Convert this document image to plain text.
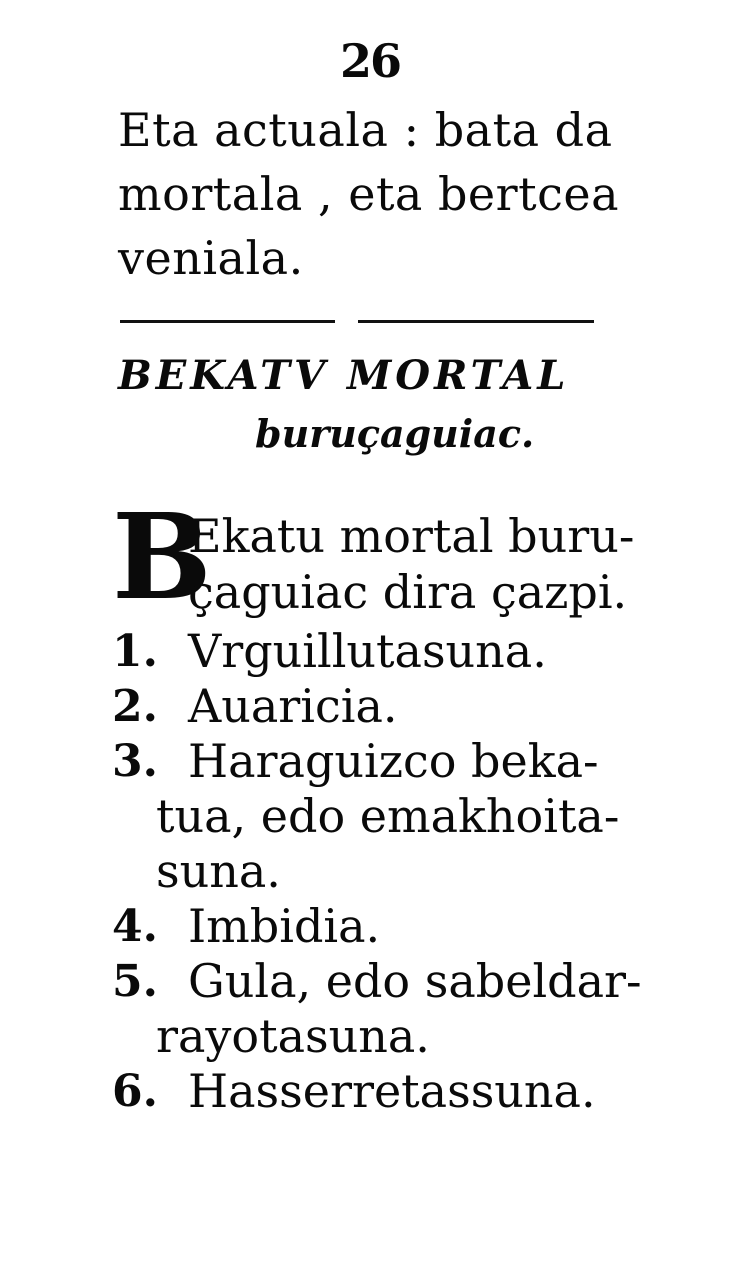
26
Eta actuala : bata da
mortala , eta bertcea
veniala.
BEKATV MORTAL
buruçaguiac.
B
Ekatu mortal buru-
çaguiac dira çazpi.
1. Vrguillutasuna.
2. Auaricia.
3. Haraguizco beka-
tua, edo emakhoita-
suna.
4. Imbidia.
5. Gula, edo sabeldar-
rayotasuna.
6. Hasserretassuna.
